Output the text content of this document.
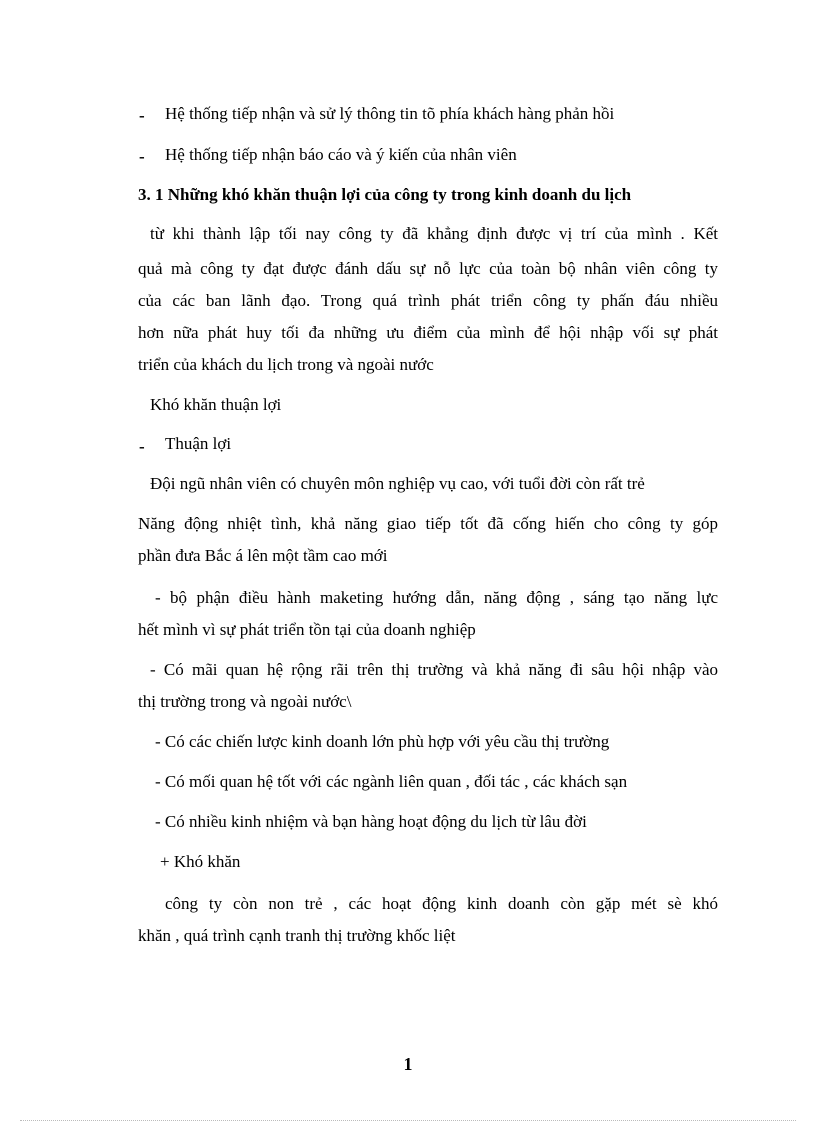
- Hệ thống tiếp nhận và sử lý thông tin tõ phía khách hàng phản hồi
- Hệ thống tiếp nhận báo cáo và ý kiến của nhân viên
3. 1 Những khó khăn thuận lợi của công ty trong kinh doanh du lịch
từ khi thành lập tối nay công ty đã khẳng định được vị trí của mình . Kết
quả mà công ty đạt được đánh dấu sự nỗ lực của toàn bộ nhân viên công ty
của các ban lãnh đạo. Trong quá trình phát triển công ty phấn đáu nhiều
hơn nữa phát huy tối đa những ưu điểm của mình để hội nhập vối sự phát
triển của khách du lịch trong và ngoài nước
Khó khăn thuận lợi
- Thuận lợi
Đội ngũ nhân viên có chuyên môn nghiệp vụ cao, với tuổi đời còn rất trẻ
Năng động nhiệt tình, khả năng giao tiếp tốt đã cống hiến cho công ty góp
phần đưa Bắc á lên một tầm cao mới
- bộ phận điều hành maketing hướng dẫn, năng động , sáng tạo năng lực
hết mình vì sự phát triển tồn tại của doanh nghiệp
- Có mãi quan hệ rộng rãi trên thị trường và khả năng đi sâu hội nhập vào
thị trường trong và ngoài nước\
- Có các chiến lược kinh doanh lớn phù hợp với yêu cầu thị trường
- Có mối quan hệ tốt với các ngành liên quan , đối tác , các khách sạn
- Có nhiều kinh nhiệm và bạn hàng hoạt động du lịch từ lâu đời
+ Khó khăn
công ty còn non trẻ , các hoạt động kinh doanh còn gặp mét sè khó
khăn , quá trình cạnh tranh thị trường khốc liệt
1
